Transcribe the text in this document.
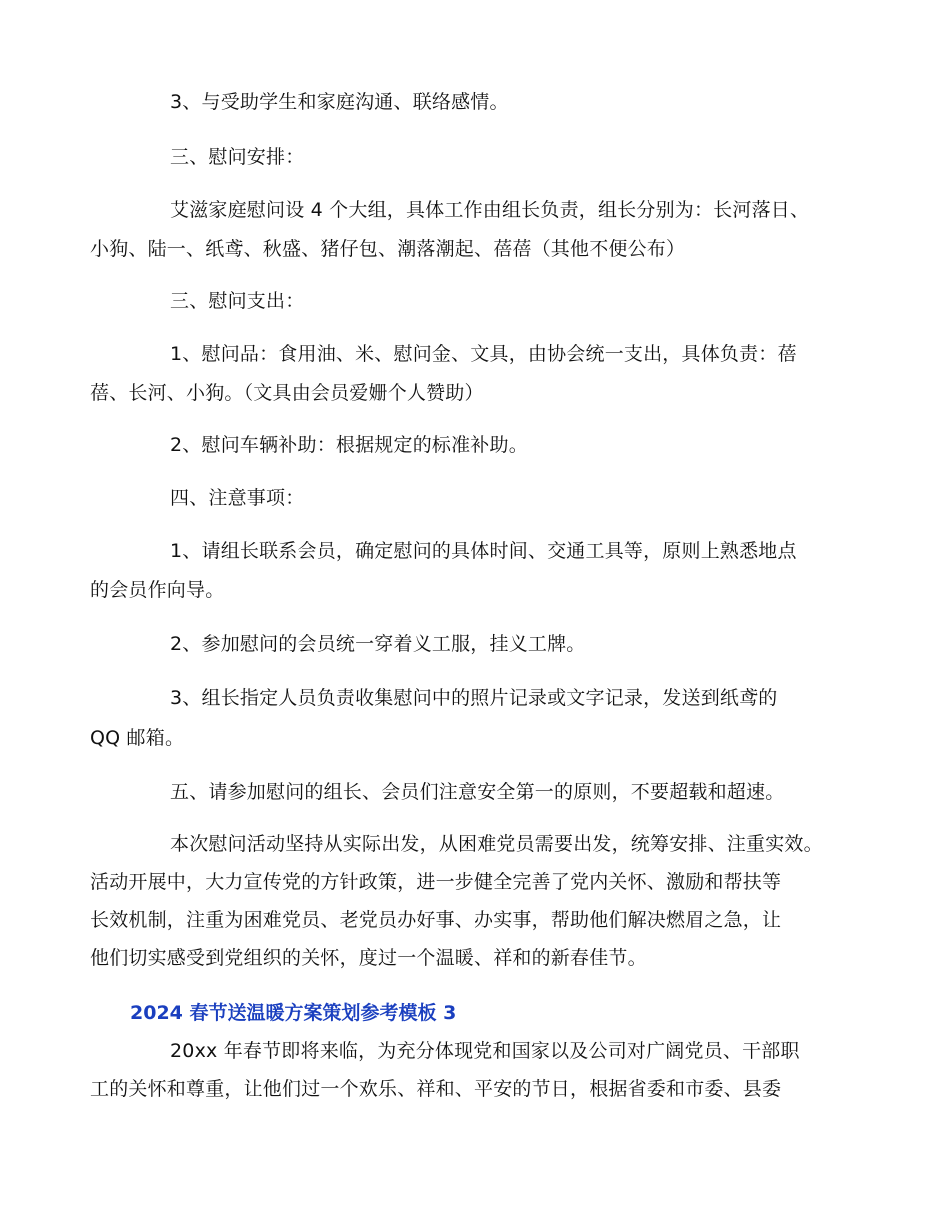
3、与受助学生和家庭沟通、联络感情。
三、慰问安排：
艾滋家庭慰问设 4 个大组，具体工作由组长负责，组长分别为：长河落日、
小狗、陆一、纸鸢、秋盛、猪仔包、潮落潮起、蓓蓓（其他不便公布）
三、慰问支出：
1、慰问品：食用油、米、慰问金、文具，由协会统一支出，具体负责：蓓
蓓、长河、小狗。（文具由会员爱姗个人赞助）
2、慰问车辆补助：根据规定的标准补助。
四、注意事项：
1、请组长联系会员，确定慰问的具体时间、交通工具等，原则上熟悉地点
的会员作向导。
2、参加慰问的会员统一穿着义工服，挂义工牌。
3、组长指定人员负责收集慰问中的照片记录或文字记录，发送到纸鸢的
QQ 邮箱。
五、请参加慰问的组长、会员们注意安全第一的原则，不要超载和超速。
本次慰问活动坚持从实际出发，从困难党员需要出发，统筹安排、注重实效。
活动开展中，大力宣传党的方针政策，进一步健全完善了党内关怀、激励和帮扶等
长效机制，注重为困难党员、老党员办好事、办实事，帮助他们解决燃眉之急，让
他们切实感受到党组织的关怀，度过一个温暖、祥和的新春佳节。
2024 春节送温暖方案策划参考模板 3
20xx 年春节即将来临，为充分体现党和国家以及公司对广阔党员、干部职
工的关怀和尊重，让他们过一个欢乐、祥和、平安的节日，根据省委和市委、县委
